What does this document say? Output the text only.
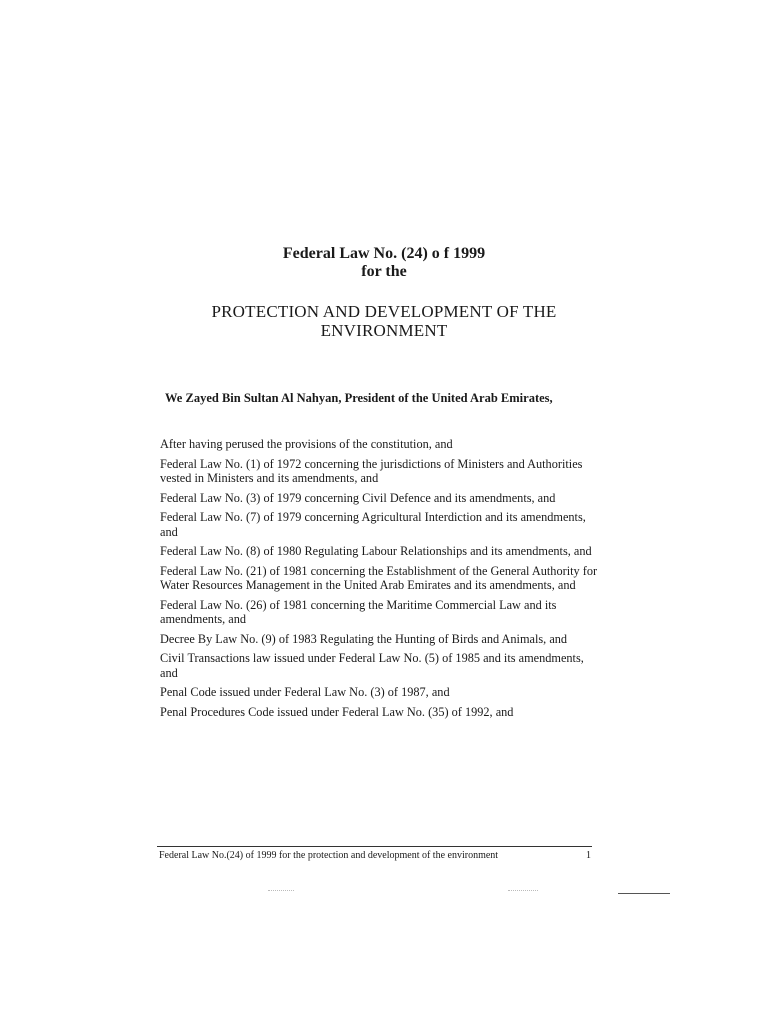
Federal Law No. (24) o f 1999
for the
PROTECTION AND DEVELOPMENT OF THE
ENVIRONMENT
We Zayed Bin Sultan Al Nahyan, President of the United Arab Emirates,
After having perused the provisions of the constitution, and
Federal Law No. (1) of 1972 concerning the jurisdictions of Ministers and Authorities vested in Ministers and its amendments, and
Federal Law No. (3) of 1979 concerning Civil Defence and its amendments, and
Federal Law No. (7) of 1979 concerning Agricultural Interdiction and its amendments, and
Federal Law No. (8) of 1980 Regulating Labour Relationships and its amendments, and
Federal Law No. (21) of 1981 concerning the Establishment of the General Authority for Water Resources Management in the United Arab Emirates and its amendments, and
Federal Law No. (26) of 1981 concerning the Maritime Commercial Law and its amendments, and
Decree By Law No. (9) of 1983 Regulating the Hunting of Birds and Animals, and
Civil Transactions law issued under Federal Law No. (5) of 1985 and its amendments, and
Penal Code issued under Federal Law No. (3) of 1987, and
Penal Procedures Code issued under Federal Law No. (35) of 1992, and
Federal Law No.(24) of 1999 for the protection and development of the environment	1
